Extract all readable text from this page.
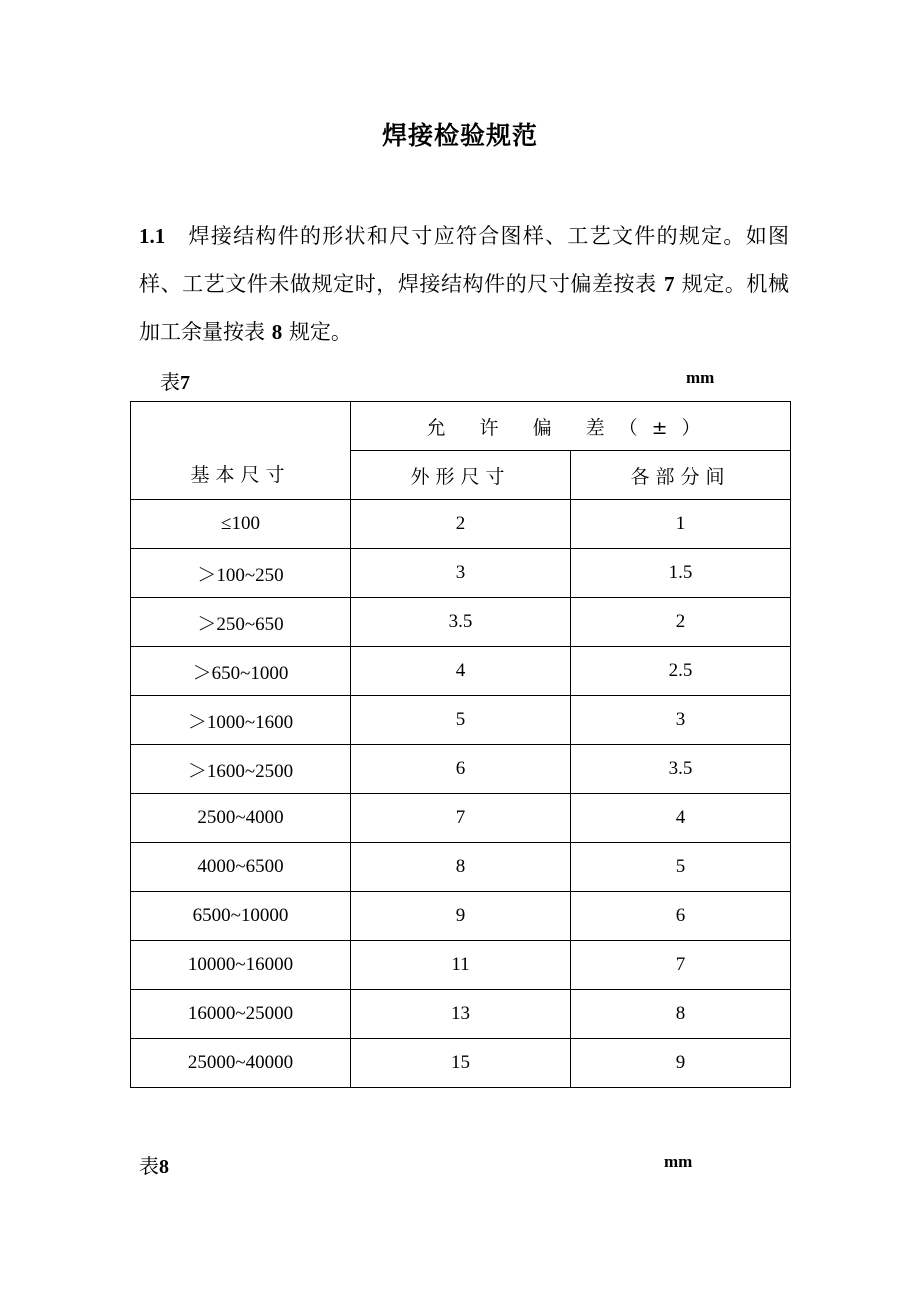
焊接检验规范
1.1 焊接结构件的形状和尺寸应符合图样、工艺文件的规定。如图
样、工艺文件未做规定时，焊接结构件的尺寸偏差按表 7 规定。机械
加工余量按表 8 规定。
表7	mm
基本尺寸	允 许 偏 差（±）	
	外形尺寸	各部分间
≤100	2	1
＞100~250	3	1.5
＞250~650	3.5	2
＞650~1000	4	2.5
＞1000~1600	5	3
＞1600~2500	6	3.5
2500~4000	7	4
4000~6500	8	5
6500~10000	9	6
10000~16000	11	7
16000~25000	13	8
25000~40000	15	9
表8	mm
